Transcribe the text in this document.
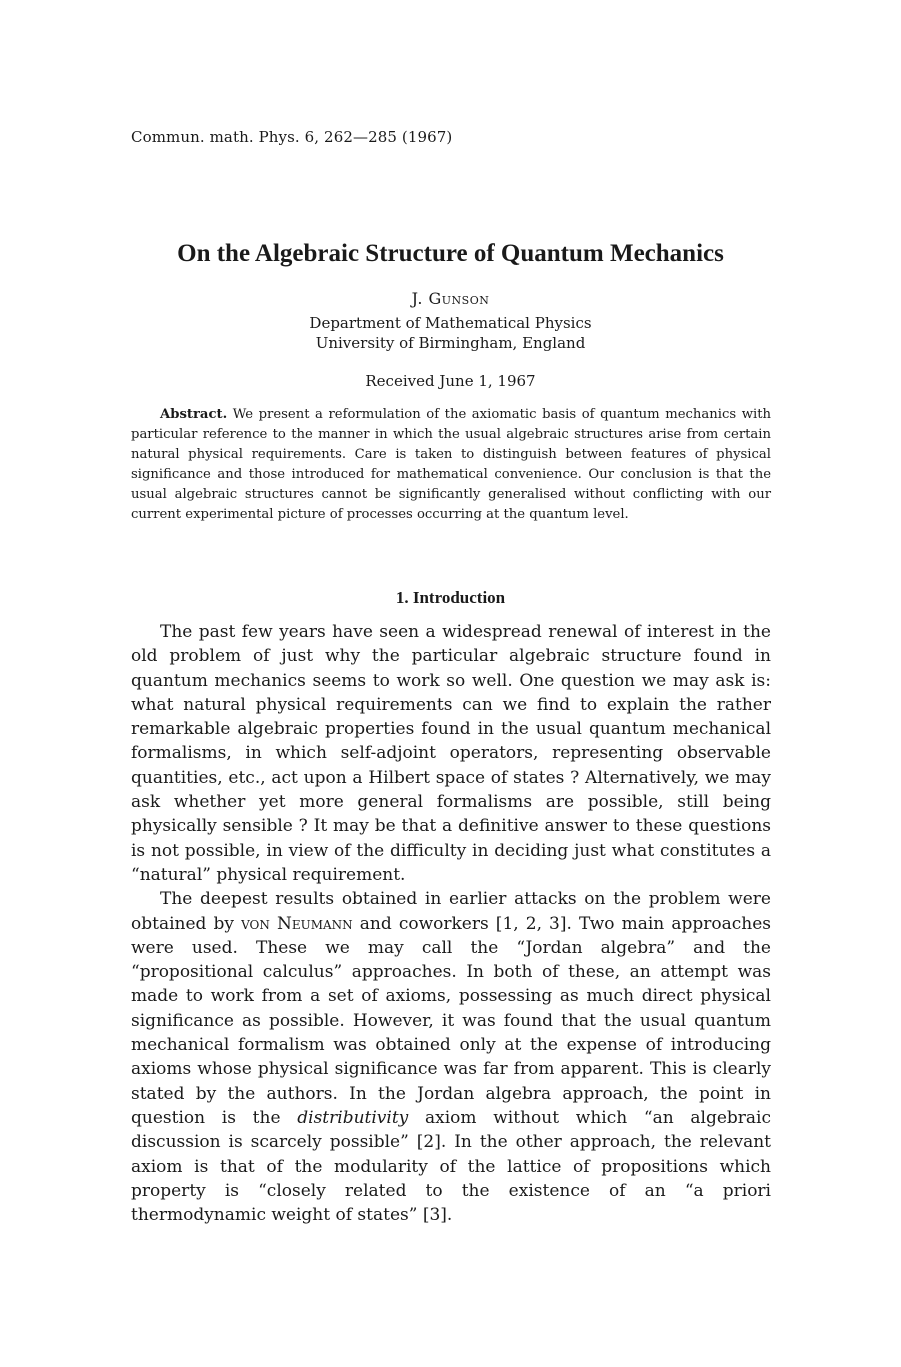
Commun. math. Phys. 6, 262—285 (1967)
On the Algebraic Structure of Quantum Mechanics
J. Gunson
Department of Mathematical Physics
University of Birmingham, England
Received June 1, 1967
Abstract. We present a reformulation of the axiomatic basis of quantum mechanics with particular reference to the manner in which the usual algebraic structures arise from certain natural physical requirements. Care is taken to distinguish between features of physical significance and those introduced for mathematical convenience. Our conclusion is that the usual algebraic structures cannot be significantly generalised without conflicting with our current experimental picture of processes occurring at the quantum level.
1. Introduction

The past few years have seen a widespread renewal of interest in the old problem of just why the particular algebraic structure found in quantum mechanics seems to work so well. One question we may ask is: what natural physical requirements can we find to explain the rather remarkable algebraic properties found in the usual quantum mechanical formalisms, in which self-adjoint operators, representing observable quantities, etc., act upon a Hilbert space of states ? Alternatively, we may ask whether yet more general formalisms are possible, still being physically sensible ? It may be that a definitive answer to these questions is not possible, in view of the difficulty in deciding just what constitutes a “natural” physical requirement.

The deepest results obtained in earlier attacks on the problem were obtained by von Neumann and coworkers [1, 2, 3]. Two main approaches were used. These we may call the “Jordan algebra” and the “propositional calculus” approaches. In both of these, an attempt was made to work from a set of axioms, possessing as much direct physical significance as possible. However, it was found that the usual quantum mechanical formalism was obtained only at the expense of introducing axioms whose physical significance was far from apparent. This is clearly stated by the authors. In the Jordan algebra approach, the point in question is the distributivity axiom without which “an algebraic discussion is scarcely possible” [2]. In the other approach, the relevant axiom is that of the modularity of the lattice of propositions which property is “closely related to the existence of an “a priori thermodynamic weight of states” [3].
